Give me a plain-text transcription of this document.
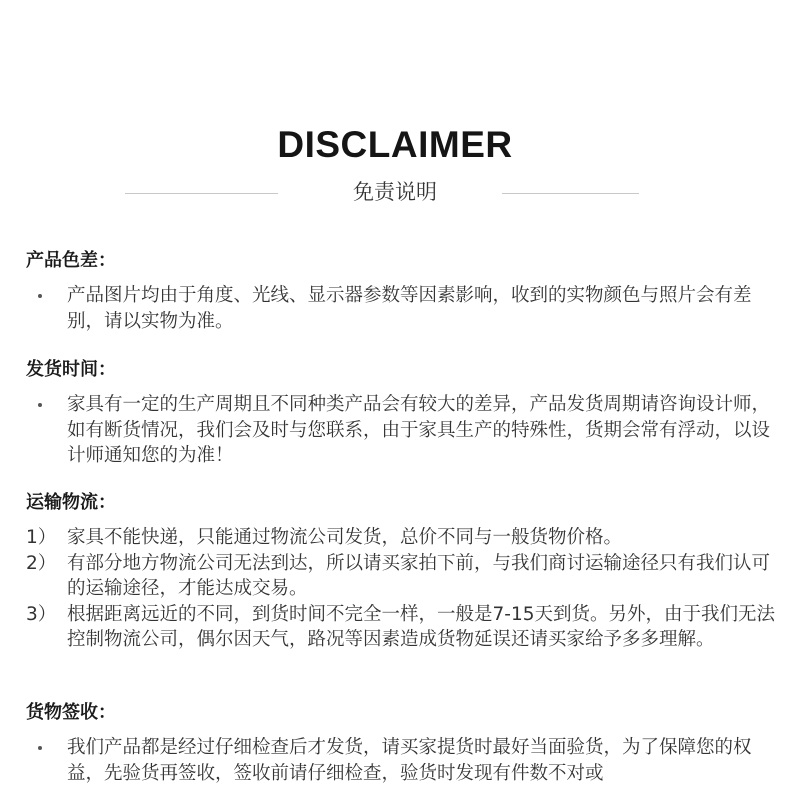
DISCLAIMER
免责说明
产品色差：
产品图片均由于角度、光线、显示器参数等因素影响，收到的实物颜色与照片会有差别，请以实物为准。
发货时间：
家具有一定的生产周期且不同种类产品会有较大的差异，产品发货周期请咨询设计师，如有断货情况，我们会及时与您联系，由于家具生产的特殊性，货期会常有浮动，以设计师通知您的为准！
运输物流：
1） 家具不能快递，只能通过物流公司发货，总价不同与一般货物价格。
2） 有部分地方物流公司无法到达，所以请买家拍下前，与我们商讨运输途径只有我们认可的运输途径，才能达成交易。
3） 根据距离远近的不同，到货时间不完全一样，一般是7-15天到货。另外，由于我们无法控制物流公司，偶尔因天气，路况等因素造成货物延误还请买家给予多多理解。
货物签收：
我们产品都是经过仔细检查后才发货，请买家提货时最好当面验货，为了保障您的权益，先验货再签收，签收前请仔细检查，验货时发现有件数不对或
